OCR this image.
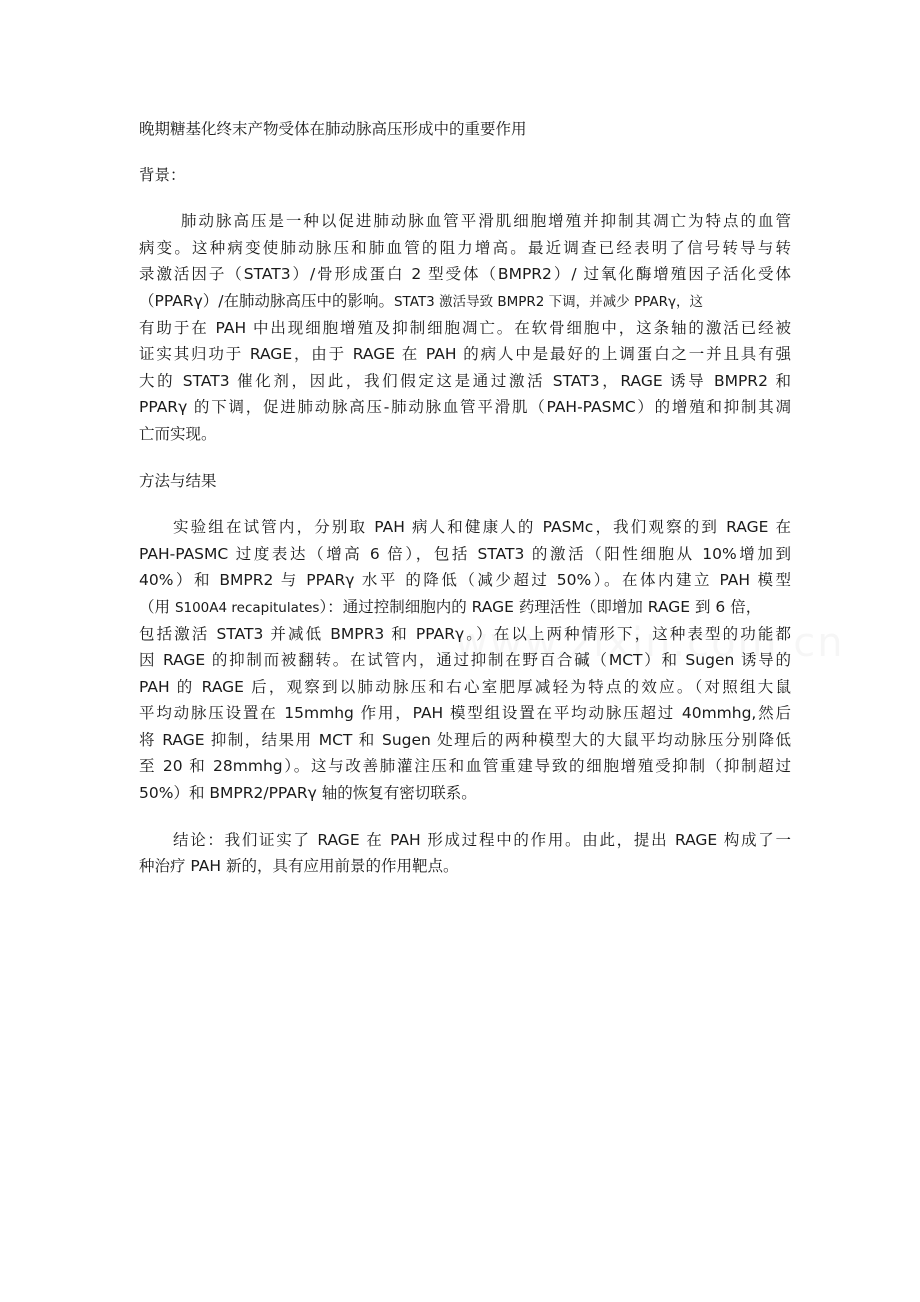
晚期糖基化终末产物受体在肺动脉高压形成中的重要作用
背景：
肺动脉高压是一种以促进肺动脉血管平滑肌细胞增殖并抑制其凋亡为特点的血管
病变。这种病变使肺动脉压和肺血管的阻力增高。最近调查已经表明了信号转导与转
录激活因子（STAT3）/骨形成蛋白 2 型受体（BMPR2）/ 过氧化酶增殖因子活化受体
（PPARγ）/在肺动脉高压中的影响。STAT3 激活导致 BMPR2 下调，并减少 PPARγ，这
有助于在 PAH 中出现细胞增殖及抑制细胞凋亡。在软骨细胞中，这条轴的激活已经被
证实其归功于 RAGE，由于 RAGE 在 PAH 的病人中是最好的上调蛋白之一并且具有强
大的 STAT3 催化剂，因此，我们假定这是通过激活 STAT3，RAGE 诱导 BMPR2 和
PPARγ 的下调，促进肺动脉高压-肺动脉血管平滑肌（PAH-PASMC）的增殖和抑制其凋
亡而实现。
方法与结果
实验组在试管内，分别取 PAH 病人和健康人的 PASMc，我们观察的到 RAGE 在
PAH-PASMC 过度表达（增高 6 倍），包括 STAT3 的激活（阳性细胞从 10%增加到
40%）和 BMPR2 与 PPARγ 水平 的降低（减少超过 50%）。在体内建立 PAH 模型
（用 S100A4 recapitulates）：通过控制细胞内的 RAGE 药理活性（即增加 RAGE 到 6 倍，
包括激活 STAT3 并减低 BMPR3 和 PPARγ。）在以上两种情形下，这种表型的功能都
因 RAGE 的抑制而被翻转。在试管内，通过抑制在野百合碱（MCT）和 Sugen 诱导的
PAH 的 RAGE 后，观察到以肺动脉压和右心室肥厚减轻为特点的效应。（对照组大鼠
平均动脉压设置在 15mmhg 作用，PAH 模型组设置在平均动脉压超过 40mmhg,然后
将 RAGE 抑制，结果用 MCT 和 Sugen 处理后的两种模型大的大鼠平均动脉压分别降低
至 20 和 28mmhg）。这与改善肺灌注压和血管重建导致的细胞增殖受抑制（抑制超过
50%）和 BMPR2/PPARγ 轴的恢复有密切联系。
结论：我们证实了 RAGE 在 PAH 形成过程中的作用。由此，提出 RAGE 构成了一
种治疗 PAH 新的，具有应用前景的作用靶点。
